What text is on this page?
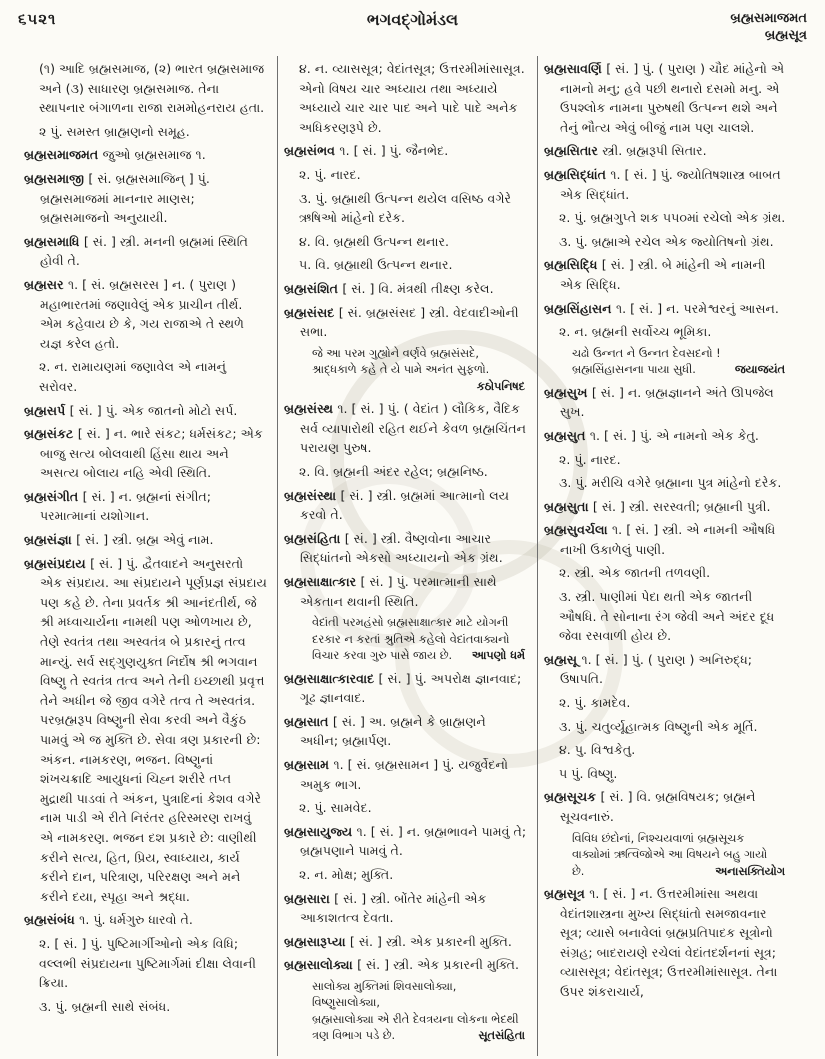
૬૫૨૧	ભગવદ્ગોમંડલ	બ્રહ્મસમાજમત
બ્રહ્મસૂત્ર
(૧) આદિ બ્રહ્મસમાજ, (૨) ભારત બ્રહ્મસમાજ અને (૩) સાધારણ બ્રહ્મસમાજ. તેના સ્થાપનાર બંગાળના રાજા રામમોહનરાય હતા.
૨ પું. સમસ્ત બ્રાહ્મણનો સમૂહ.
બ્રહ્મસમાજમત જુઓ બ્રહ્મસમાજ ૧.
બ્રહ્મસમાજી [ સં. બ્રહ્મસમાજિન્ ] પું. બ્રહ્મસમાજમાં માનનાર માણસ; બ્રહ્મસમાજનો અનુયાયી.
બ્રહ્મસમાધિ [ સં. ] સ્ત્રી. મનની બ્રહ્મમાં સ્થિતિ હોવી તે.
બ્રહ્મસર ૧. [ સં. બ્રહ્મસરસ ] ન. ( પુરાણ ) મહાભારતમાં જણાવેલું એક પ્રાચીન તીર્થ. એમ કહેવાય છે કે, ગય રાજાએ તે સ્થળે યજ્ઞ કરેલ હતો.
૨. ન. રામાયણમાં જણાવેલ એ નામનું સરોવર.
બ્રહ્મસર્પ [ સં. ] પું. એક જાતનો મોટો સર્પ.
બ્રહ્મસંકટ [ સં. ] ન. ભારે સંકટ; ધર્મસંકટ; એક બાજુ સત્ય બોલવાથી હિંસા થાય અને અસત્ય બોલાય નહિ એવી સ્થિતિ.
બ્રહ્મસંગીત [ સં. ] ન. બ્રહ્મનાં સંગીત; પરમાત્માનાં યશોગાન.
બ્રહ્મસંજ્ઞા [ સં. ] સ્ત્રી. બ્રહ્મ એવું નામ.
બ્રહ્મસંપ્રદાય [ સં. ] પું. દ્વૈતવાદને અનુસરતો એક સંપ્રદાય. આ સંપ્રદાયને પૂર્ણપ્રજ્ઞ સંપ્રદાય પણ કહે છે. તેના પ્રવર્તક શ્રી આનંદતીર્થ, જે શ્રી મધ્વાચાર્યના નામથી પણ ઓળખાય છે, તેણે સ્વતંત્ર તથા અસ્વતંત્ર બે પ્રકારનું તત્વ માન્યું. સર્વ સદ્ગુણયુક્ત નિર્દોષ શ્રી ભગવાન વિષ્ણુ તે સ્વતંત્ર તત્વ અને તેની ઇચ્છાથી પ્રવૃત્ત તેને અધીન જે જીવ વગેરે તત્વ તે અસ્વતંત્ર. પરબ્રહ્મરૂપ વિષ્ણુની સેવા કરવી અને વૈકુંઠ પામવું એ જ મુક્તિ છે. સેવા ત્રણ પ્રકારની છે: અંકન. નામકરણ, ભજન. વિષ્ણુનાં શંખચક્રાદિ આયુધનાં ચિહ્ન શરીરે તપ્ત મુદ્રાથી પાડવાં તે અંકન, પુત્રાદિનાં કેશવ વગેરે નામ પાડી એ રીતે નિરંતર હરિસ્મરણ રાખવું એ નામકરણ. ભજન દશ પ્રકારે છે: વાણીથી કરીને સત્ય, હિત, પ્રિય, સ્વાધ્યાય, કાર્ય કરીને દાન, પરિત્રાણ, પરિરક્ષણ અને મને કરીને દયા, સ્પૃહા અને શ્રદ્ધા.
બ્રહ્મસંબંધ ૧. પું. ધર્મગુરુ ધારવો તે.
૨. [ સં. ] પું. પુષ્ટિમાર્ગીઓનો એક વિધિ; વલ્લભી સંપ્રદાયના પુષ્ટિમાર્ગમાં દીક્ષા લેવાની ક્રિયા.
૩. પું. બ્રહ્મની સાથે સંબંધ.
૪. ન. વ્યાસસૂત્ર; વેદાંતસૂત્ર; ઉત્તરમીમાંસાસૂત્ર. એનો વિષય ચાર અધ્યાય તથા અધ્યાયે અધ્યાયે ચાર ચાર પાદ અને પાદે પાદે અનેક અધિકરણરૂપે છે.
બ્રહ્મસંભવ ૧. [ સં. ] પું. જૈનભેદ.
૨. પું. નારદ.
૩. પું. બ્રહ્માથી ઉત્પન્ન થયેલ વસિષ્ઠ વગેરે ઋષિઓ માંહેનો દરેક.
૪. વિ. બ્રહ્મથી ઉત્પન્ન થનાર.
૫. વિ. બ્રહ્માથી ઉત્પન્ન થનાર.
બ્રહ્મસંશિત [ સં. ] વિ. મંત્રથી તીક્ષ્ણ કરેલ.
બ્રહ્મસંસદ [ સં. બ્રહ્મસંસદ ] સ્ત્રી. વેદવાદીઓની સભા.
જે આ પરમ ગુહ્યોને વર્ણવે બ્રહ્મસંસદે,
શ્રાદ્ધકાળે કહે તે યે પામે અનંત સુફળો.
કઠોપનિષદ
બ્રહ્મસંસ્થ ૧. [ સં. ] પું. ( વેદાંત ) લૌકિક, વૈદિક સર્વ વ્યાપારોથી રહિત થઈને કેવળ બ્રહ્મચિંતન પરાયણ પુરુષ.
૨. વિ. બ્રહ્મની અંદર રહેલ; બ્રહ્મનિષ્ઠ.
બ્રહ્મસંસ્થા [ સં. ] સ્ત્રી. બ્રહ્મમાં આત્માનો લય કરવો તે.
બ્રહ્મસંહિતા [ સં. ] સ્ત્રી. વૈષ્ણવોના આચાર સિદ્ધાંતનો એકસો અધ્યાયનો એક ગ્રંથ.
બ્રહ્મસાક્ષાત્કાર [ સં. ] પું. પરમાત્માની સાથે એકતાન થવાની સ્થિતિ.
વેદાંતી પરમહંસો બ્રહ્મસાક્ષાત્કાર માટે યોગની
દરકાર ન કરતાં શ્રુતિએ કહેલો વેદાંતવાક્યનો
વિચાર કરવા ગુરુ પાસે જાય છે. આપણો ધર્મ
બ્રહ્મસાક્ષાત્કારવાદ [ સં. ] પું. અપરોક્ષ જ્ઞાનવાદ; ગૂઢ જ્ઞાનવાદ.
બ્રહ્મસાત [ સં. ] અ. બ્રહ્મને કે બ્રાહ્મણને અધીન; બ્રહ્માર્પણ.
બ્રહ્મસામ ૧. [ સં. બ્રહ્મસામન ] પું. યજુર્વેદનો અમુક ભાગ.
૨. પું. સામવેદ.
બ્રહ્મસાયુજ્ય ૧. [ સં. ] ન. બ્રહ્મભાવને પામવું તે; બ્રહ્મપણાને પામવું તે.
૨. ન. મોક્ષ; મુક્તિ.
બ્રહ્મસારા [ સં. ] સ્ત્રી. બોંતેર માંહેની એક આકાશતત્વ દેવતા.
બ્રહ્મસારૂપ્યા [ સં. ] સ્ત્રી. એક પ્રકારની મુક્તિ.
બ્રહ્મસાલોક્યા [ સં. ] સ્ત્રી. એક પ્રકારની મુક્તિ.
સાલોક્ય મુક્તિમાં શિવસાલોક્યા, વિષ્ણુસાલોક્યા,
બ્રહ્મસાલોક્યા એ રીતે દેવત્રયના લોકના ભેદથી
ત્રણ વિભાગ પડે છે.	સૂતસંહિતા
બ્રહ્મસાવર્ણિ [ સં. ] પું. ( પુરાણ ) ચૌદ માંહેનો એ નામનો મનુ; હવે પછી થનારો દસમો મનુ. એ ઉપશ્લોક નામના પુરુષથી ઉત્પન્ન થશે અને તેનું ભૌત્ય એવું બીજું નામ પણ ચાલશે.
બ્રહ્મસિતાર સ્ત્રી. બ્રહ્મરૂપી સિતાર.
બ્રહ્મસિદ્ધાંત ૧. [ સં. ] પું. જ્યોતિષશાસ્ત્ર બાબત એક સિદ્ધાંત.
૨. પું. બ્રહ્મગુપ્તે શક ૫૫૦માં રચેલો એક ગ્રંથ.
૩. પું. બ્રહ્માએ રચેલ એક જ્યોતિષનો ગ્રંથ.
બ્રહ્મસિદ્ધિ [ સં. ] સ્ત્રી. બે માંહેની એ નામની એક સિદ્ધિ.
બ્રહ્મસિંહાસન ૧. [ સં. ] ન. પરમેશ્વરનું આસન.
૨. ન. બ્રહ્મની સર્વોચ્ચ ભૂમિકા.
ચઢો ઉન્નત ને ઉન્નત દેવસદનો !
બ્રહ્મસિંહાસનના પાયા સુધી.	જયાજયંત
બ્રહ્મસુખ [ સં. ] ન. બ્રહ્મજ્ઞાનને અંતે ઊપજેલ સુખ.
બ્રહ્મસુત ૧. [ સં. ] પું. એ નામનો એક કેતુ.
૨. પું. નારદ.
૩. પું. મરીચિ વગેરે બ્રહ્માના પુત્ર માંહેનો દરેક.
બ્રહ્મસુતા [ સં. ] સ્ત્રી. સરસ્વતી; બ્રહ્માની પુત્રી.
બ્રહ્મસુવર્ચલા ૧. [ સં. ] સ્ત્રી. એ નામની ઔષધિ નાખી ઉકાળેલું પાણી.
૨. સ્ત્રી. એક જાતની તળવણી.
૩. સ્ત્રી. પાણીમાં પેદા થતી એક જાતની ઔષધિ. તે સોનાના રંગ જેવી અને અંદર દૂધ જેવા રસવાળી હોય છે.
બ્રહ્મસૂ ૧. [ સં. ] પું. ( પુરાણ ) અનિરુદ્ધ; ઉષાપતિ.
૨. પું. કામદેવ.
૩. પું. ચતુર્વ્યૂહાત્મક વિષ્ણુની એક મૂર્તિ.
૪. પુ. વિશ્વકેતુ.
૫ પું. વિષ્ણુ.
બ્રહ્મસૂચક [ સં. ] વિ. બ્રહ્મવિષયક; બ્રહ્મને સૂચવનારું.
વિવિધ છંદોનાં, નિશ્ચયવાળાં બ્રહ્મસૂચક
વાક્યોમાં ઋત્વિજોએ આ વિષયને બહુ ગાયો
છે.	અનાસક્તિયોગ
બ્રહ્મસૂત્ર ૧. [ સં. ] ન. ઉત્તરમીમાંસા અથવા વેદાંતશાસ્ત્રના મુખ્ય સિદ્ધાંતો સમજાવનાર સૂત્ર; વ્યાસે બનાવેલાં બ્રહ્મપ્રતિપાદક સૂત્રોનો સંગ્રહ; બાદરાયણે રચેલાં વેદાંતદર્શનનાં સૂત્ર; વ્યાસસૂત્ર; વેદાંતસૂત્ર; ઉત્તરમીમાંસાસૂત્ર. તેના ઉપર શંકરાચાર્ય,
